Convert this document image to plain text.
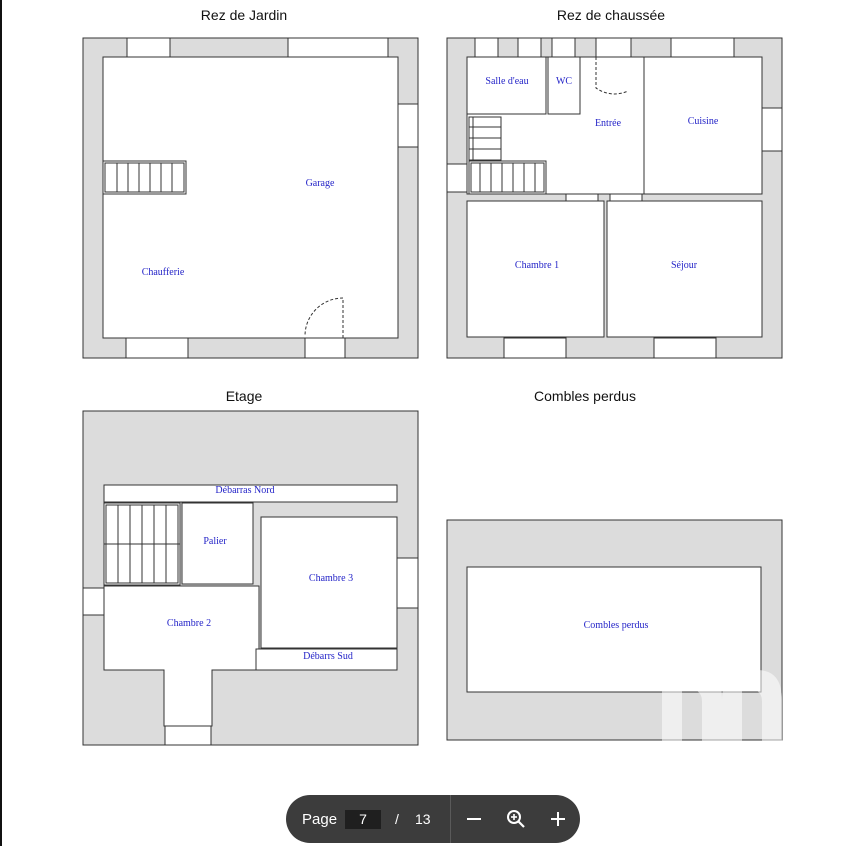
Rez de Jardin	Rez de chaussée
Etage	Combles perdus
Garage
Chaufferie
Salle d'eau	WC
Entrée	Cuisine
Chambre 1	Séjour
Débarras Nord
Palier
Chambre 3
Chambre 2
Débarrs Sud
Combles perdus
Page
7	/ 13
